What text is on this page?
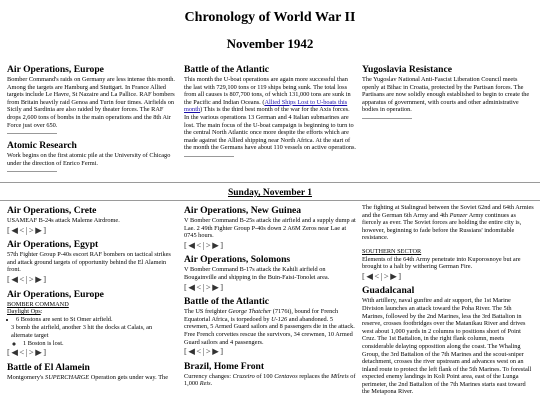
Chronology of World War II
November 1942
Air Operations, Europe

Bomber Command's raids on Germany are less intense this month. Among the targets are Hamburg and Stuttgart. In France Allied targets include Le Havre, St Nazaire and La Pallice. RAF bombers from Britain heavily raid Genoa and Turin four times. Airfields on Sicily and Sardinia are also raided by theater forces. The RAF drops 2,600 tons of bombs in the main operations and the 8th Air Force just over 650.

Atomic Research

Work begins on the first atomic pile at the University of Chicago under the direction of Enrico Fermi.

Battle of the Atlantic

This month the U-boat operations are again more successful than the last with 729,100 tons or 119 ships being sunk. The total loss from all causes is 807,700 tons, of which 131,000 tons are sunk in the Pacific and Indian Oceans. (Allied Ships Lost to U-boats this month) This is the third best month of the war for the Axis forces. In the various operations 13 German and 4 Italian submarines are lost. The main focus of the U-boat campaign is beginning to turn to the central North Atlantic once more despite the efforts which are made against the Allied shipping near North Africa. At the start of the month the Germans have about 110 vessels on active operations.

Yugoslavia Resistance

The Yugoslav National Anti-Fascist Liberation Council meets openly at Bihac in Croatia, protected by the Partisan forces. The Partisans are now solidly enough established to begin to create the apparatus of government, with courts and other administrative bodies in operation.

Sunday, November 1
Air Operations, Crete

USAMEAF B-24s attack Maleme Airdrome.

[◀<|>▶]
Air Operations, Egypt

57th Fighter Group P-40s escort RAF bombers on tactical strikes and attack ground targets of opportunity behind the El Alamein front.

[◀<|>▶]
Air Operations, Europe
BOMBER COMMAND
Daylight Ops:
• 6 Bostons are sent to St Omer airfield.

3 bomb the airfield, another 3 hit the docks at Calais, an alternate target

◦ 1 Boston is lost.
[◀<|>▶]
Battle of El Alamein

Montgomery's SUPERCHARGE Operation gets under way. The

Air Operations, New Guinea

V Bomber Command B-25s attack the airfield and a supply dump at Lae. 2 49th Fighter Group P-40s down 2 A6M Zeros near Lae at 0745 hours.

[◀<|>▶]
Air Operations, Solomons

V Bomber Command B-17s attack the Kahili airfield on Bougainville and shipping in the Buin-Faisi-Tonolei area.

[◀<|>▶]
Battle of the Atlantic

The US freighter George Thatcher (7176t), bound for French Equatorial Africa, is torpedoed by U-126 and abandoned. 5 crewmen, 5 Armed Guard sailors and 8 passengers die in the attack. Free French corvettes rescue the survivors, 34 crewmen, 10 Armed Guard sailors and 4 passengers.

[◀<|>▶]
Brazil, Home Front

Currency changes: Cruzeiro of 100 Centavos replaces the Milreis of 1,000 Reis.

The fighting at Stalingrad between the Soviet 62nd and 64th Armies and the German 6th Army and 4th Panzer Army continues as fiercely as ever. The Soviet forces are holding the entire city is, however, beginning to fade before the Russians' indomitable resistance.

SOUTHERN SECTOR

Elements of the 64th Army penetrate into Kuporosnoye but are brought to a halt by withering German Fire.

[◀<|>▶]
Guadalcanal

With artillery, naval gunfire and air support, the 1st Marine Division launches an attack toward the Poha River. The 5th Marines, followed by the 2nd Marines, less the 3rd Battalion in reserve, crosses footbridges over the Matanikau River and drives west about 1,000 yards in 2 columns to positions short of Point Cruz. The 1st Battalion, in the right flank column, meets considerable delaying opposition along the coast. The Whaling Group, the 3rd Battalion of the 7th Marines and the scout-sniper detachment, crosses the river upstream and advances west on an inland route to protect the left flank of the 5th Marines. To forestall expected enemy landings in Koli Point area, east of the Lunga perimeter, the 2nd Battalion of the 7th Marines starts east toward the Metapona River.
